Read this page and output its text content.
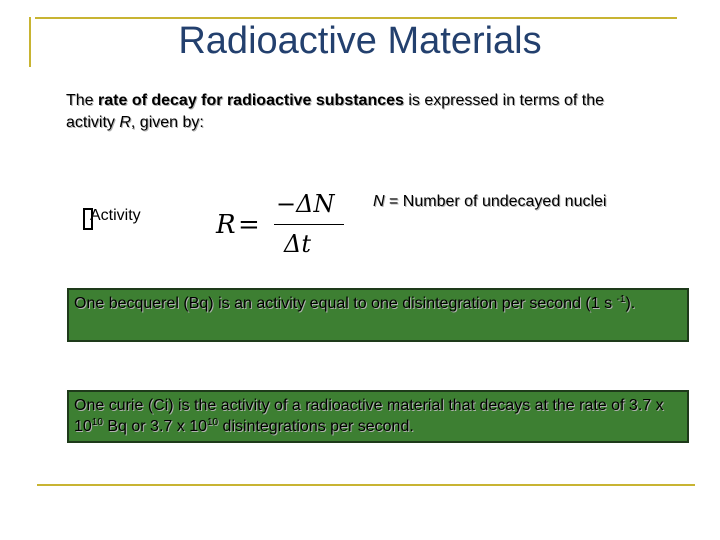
Radioactive Materials

The rate of decay for radioactive substances is expressed in terms of the activity R, given by:

Activity	R =
−ΔN
Δt
N = Number of undecayed nuclei
One becquerel (Bq) is an activity equal to one disintegration per second (1 s $^{-1}$).
One curie (Ci) is the activity of a radioactive material that decays at the rate of 3.7 x $10^{10}$ Bq or 3.7 x $10^{10}$ disintegrations per second.
